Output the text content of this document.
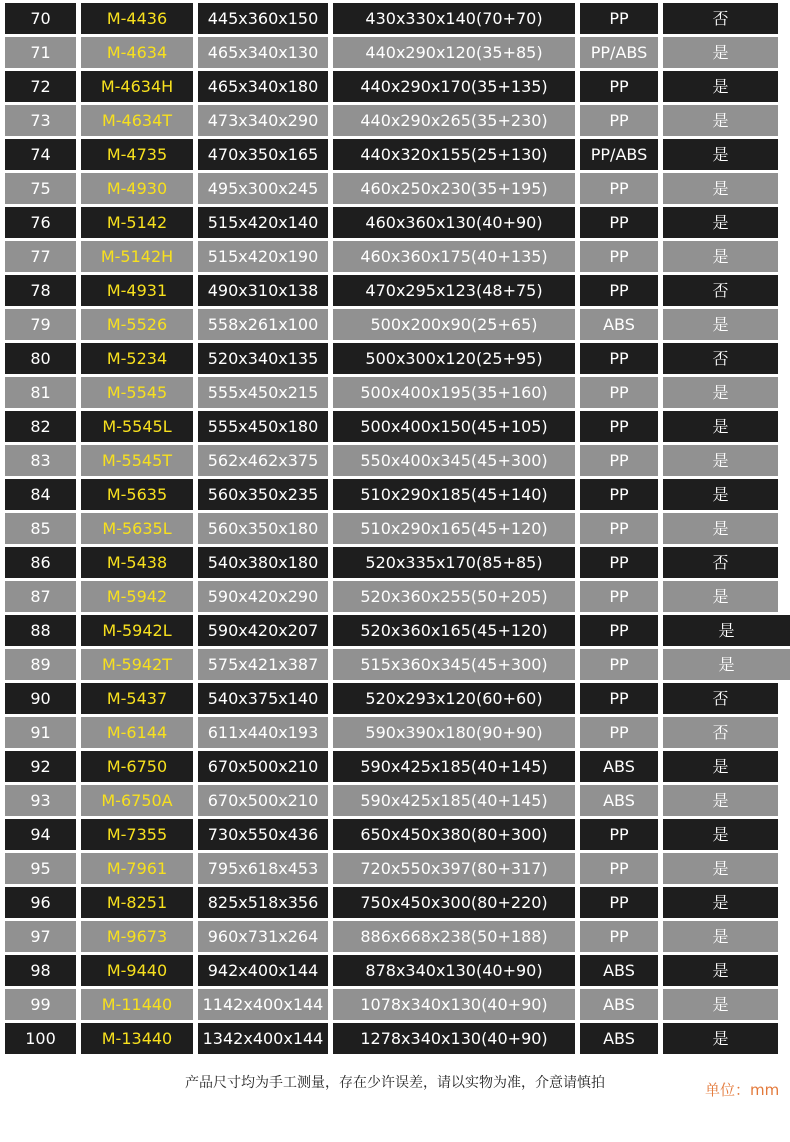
70	M-4436	445x360x150	430x330x140(70+70)	PP	否
71	M-4634	465x340x130	440x290x120(35+85)	PP/ABS	是
72	M-4634H	465x340x180	440x290x170(35+135)	PP	是
73	M-4634T	473x340x290	440x290x265(35+230)	PP	是
74	M-4735	470x350x165	440x320x155(25+130)	PP/ABS	是
75	M-4930	495x300x245	460x250x230(35+195)	PP	是
76	M-5142	515x420x140	460x360x130(40+90)	PP	是
77	M-5142H	515x420x190	460x360x175(40+135)	PP	是
78	M-4931	490x310x138	470x295x123(48+75)	PP	否
79	M-5526	558x261x100	500x200x90(25+65)	ABS	是
80	M-5234	520x340x135	500x300x120(25+95)	PP	否
81	M-5545	555x450x215	500x400x195(35+160)	PP	是
82	M-5545L	555x450x180	500x400x150(45+105)	PP	是
83	M-5545T	562x462x375	550x400x345(45+300)	PP	是
84	M-5635	560x350x235	510x290x185(45+140)	PP	是
85	M-5635L	560x350x180	510x290x165(45+120)	PP	是
86	M-5438	540x380x180	520x335x170(85+85)	PP	否
87	M-5942	590x420x290	520x360x255(50+205)	PP	是
88	M-5942L	590x420x207	520x360x165(45+120)	PP	是
89	M-5942T	575x421x387	515x360x345(45+300)	PP	是
90	M-5437	540x375x140	520x293x120(60+60)	PP	否
91	M-6144	611x440x193	590x390x180(90+90)	PP	否
92	M-6750	670x500x210	590x425x185(40+145)	ABS	是
93	M-6750A	670x500x210	590x425x185(40+145)	ABS	是
94	M-7355	730x550x436	650x450x380(80+300)	PP	是
95	M-7961	795x618x453	720x550x397(80+317)	PP	是
96	M-8251	825x518x356	750x450x300(80+220)	PP	是
97	M-9673	960x731x264	886x668x238(50+188)	PP	是
98	M-9440	942x400x144	878x340x130(40+90)	ABS	是
99	M-11440	1142x400x144	1078x340x130(40+90)	ABS	是
100	M-13440	1342x400x144	1278x340x130(40+90)	ABS	是
产品尺寸均为手工测量，存在少许误差，请以实物为准，介意请慎拍	单位：mm
